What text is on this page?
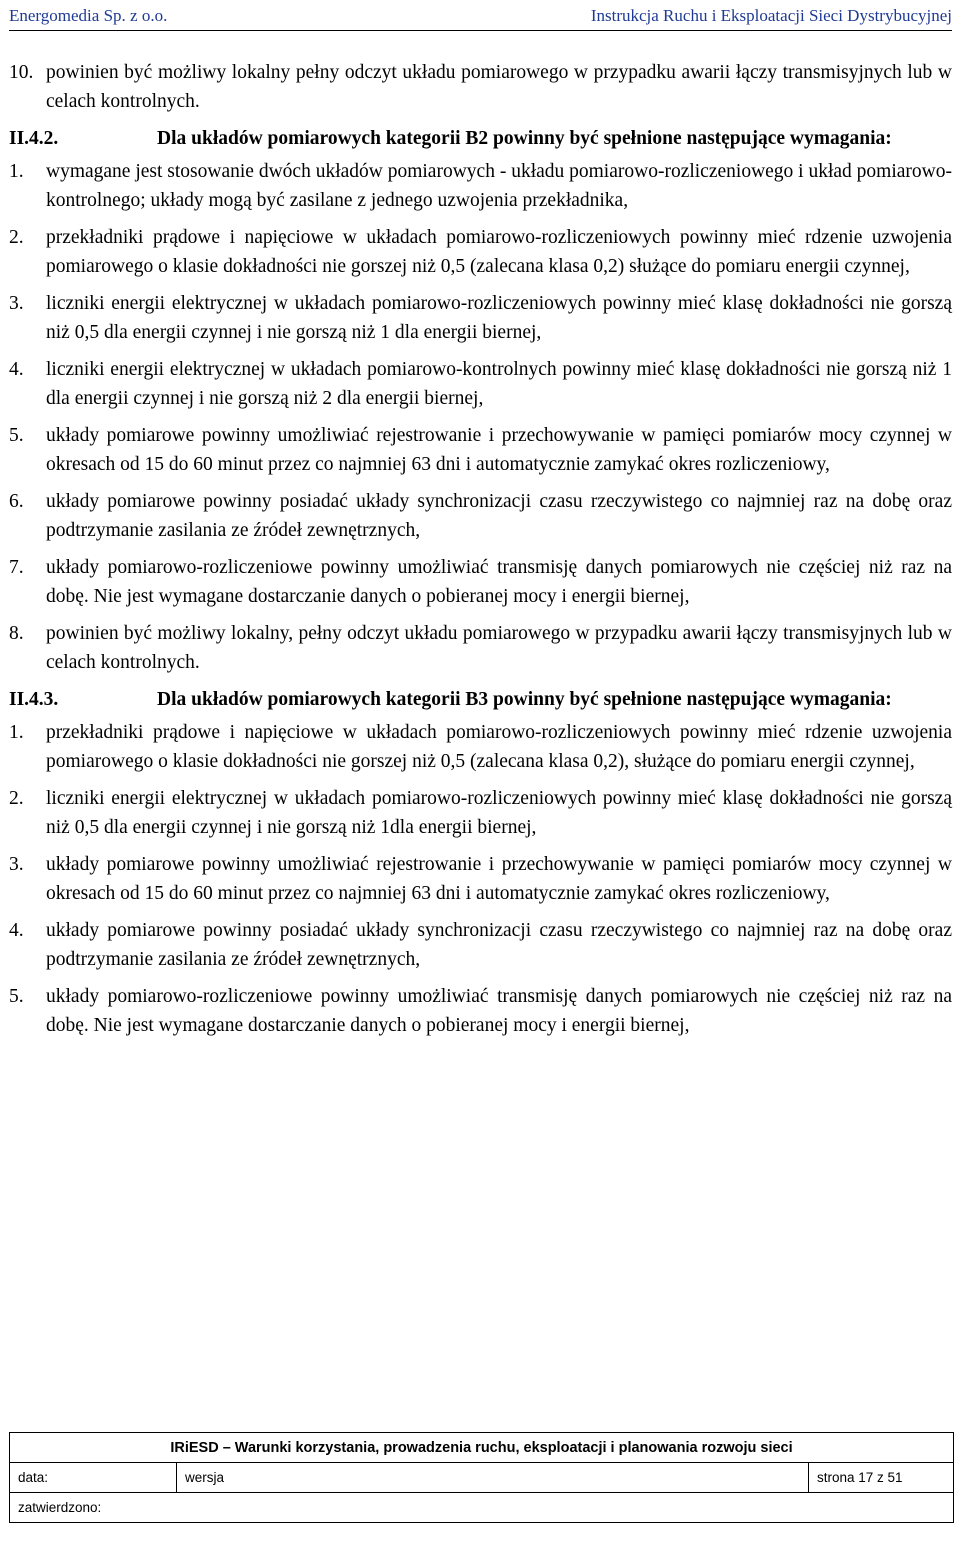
Energomedia Sp. z o.o.	Instrukcja Ruchu i Eksploatacji Sieci Dystrybucyjnej
10. powinien być możliwy lokalny pełny odczyt układu pomiarowego w przypadku awarii łączy transmisyjnych lub w celach kontrolnych.
II.4.2.	Dla układów pomiarowych kategorii B2 powinny być spełnione następujące wymagania:
1. wymagane jest stosowanie dwóch układów pomiarowych - układu pomiarowo-rozliczeniowego i układ pomiarowo-kontrolnego; układy mogą być zasilane z jednego uzwojenia przekładnika,
2. przekładniki prądowe i napięciowe w układach pomiarowo-rozliczeniowych powinny mieć rdzenie uzwojenia pomiarowego o klasie dokładności nie gorszej niż 0,5 (zalecana klasa 0,2) służące do pomiaru energii czynnej,
3. liczniki energii elektrycznej w układach pomiarowo-rozliczeniowych powinny mieć klasę dokładności nie gorszą niż 0,5 dla energii czynnej i nie gorszą niż 1 dla energii biernej,
4. liczniki energii elektrycznej w układach pomiarowo-kontrolnych powinny mieć klasę dokładności nie gorszą niż 1 dla energii czynnej i nie gorszą niż 2 dla energii biernej,
5. układy pomiarowe powinny umożliwiać rejestrowanie i przechowywanie w pamięci pomiarów mocy czynnej w okresach od 15 do 60 minut przez co najmniej 63 dni i automatycznie zamykać okres rozliczeniowy,
6. układy pomiarowe powinny posiadać układy synchronizacji czasu rzeczywistego co najmniej raz na dobę oraz podtrzymanie zasilania ze źródeł zewnętrznych,
7. układy pomiarowo-rozliczeniowe powinny umożliwiać transmisję danych pomiarowych nie częściej niż raz na dobę. Nie jest wymagane dostarczanie danych o pobieranej mocy i energii biernej,
8. powinien być możliwy lokalny, pełny odczyt układu pomiarowego w przypadku awarii łączy transmisyjnych lub w celach kontrolnych.
II.4.3.	Dla układów pomiarowych kategorii B3 powinny być spełnione następujące wymagania:
1. przekładniki prądowe i napięciowe w układach pomiarowo-rozliczeniowych powinny mieć rdzenie uzwojenia pomiarowego o klasie dokładności nie gorszej niż 0,5 (zalecana klasa 0,2), służące do pomiaru energii czynnej,
2. liczniki energii elektrycznej w układach pomiarowo-rozliczeniowych powinny mieć klasę dokładności nie gorszą niż 0,5 dla energii czynnej i nie gorszą niż 1dla energii biernej,
3. układy pomiarowe powinny umożliwiać rejestrowanie i przechowywanie w pamięci pomiarów mocy czynnej w okresach od 15 do 60 minut przez co najmniej 63 dni i automatycznie zamykać okres rozliczeniowy,
4. układy pomiarowe powinny posiadać układy synchronizacji czasu rzeczywistego co najmniej raz na dobę oraz podtrzymanie zasilania ze źródeł zewnętrznych,
5. układy pomiarowo-rozliczeniowe powinny umożliwiać transmisję danych pomiarowych nie częściej niż raz na dobę. Nie jest wymagane dostarczanie danych o pobieranej mocy i energii biernej,
IRiESD – Warunki korzystania, prowadzenia ruchu, eksploatacji i planowania rozwoju sieci
data:	wersja	strona 17 z 51
zatwierdzono:
